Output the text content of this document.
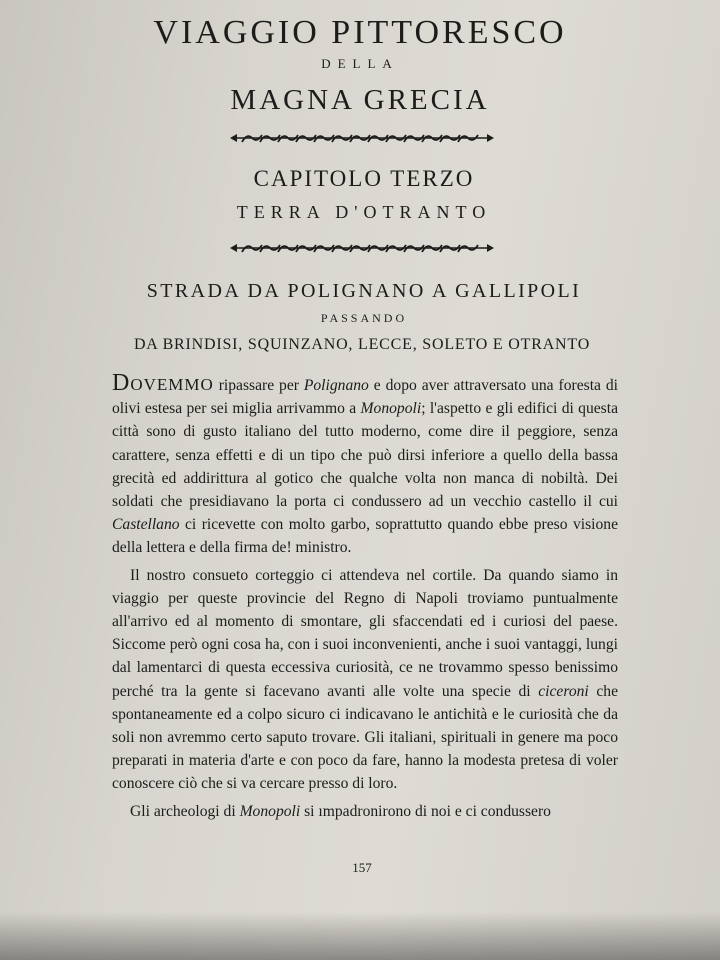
VIAGGIO PITTORESCO
DELLA
MAGNA GRECIA
CAPITOLO TERZO
TERRA D'OTRANTO
STRADA DA POLIGNANO A GALLIPOLI
PASSANDO
DA BRINDISI, SQUINZANO, LECCE, SOLETO E OTRANTO

Dovemmo ripassare per Polignano e dopo aver attraversato una foresta di olivi estesa per sei miglia arrivammo a Monopoli; l'aspetto e gli edifici di questa città sono di gusto italiano del tutto moderno, come dire il peggiore, senza carattere, senza effetti e di un tipo che può dirsi inferiore a quello della bassa grecità ed addirittura al gotico che qualche volta non manca di nobiltà. Dei soldati che presidiavano la porta ci condussero ad un vecchio castello il cui Castellano ci ricevette con molto garbo, soprattutto quando ebbe preso visione della lettera e della firma de! ministro.

Il nostro consueto corteggio ci attendeva nel cortile. Da quando siamo in viaggio per queste provincie del Regno di Napoli troviamo puntualmente all'arrivo ed al momento di smontare, gli sfaccendati ed i curiosi del paese. Siccome però ogni cosa ha, con i suoi inconvenienti, anche i suoi vantaggi, lungi dal lamentarci di questa eccessiva curiosità, ce ne trovammo spesso benissimo perché tra la gente si facevano avanti alle volte una specie di ciceroni che spontaneamente ed a colpo sicuro ci indicavano le antichità e le curiosità che da soli non avremmo certo saputo trovare. Gli italiani, spirituali in genere ma poco preparati in materia d'arte e con poco da fare, hanno la modesta pretesa di voler conoscere ciò che si va cercare presso di loro.

Gli archeologi di Monopoli si ımpadronirono di noi e ci condussero

157
